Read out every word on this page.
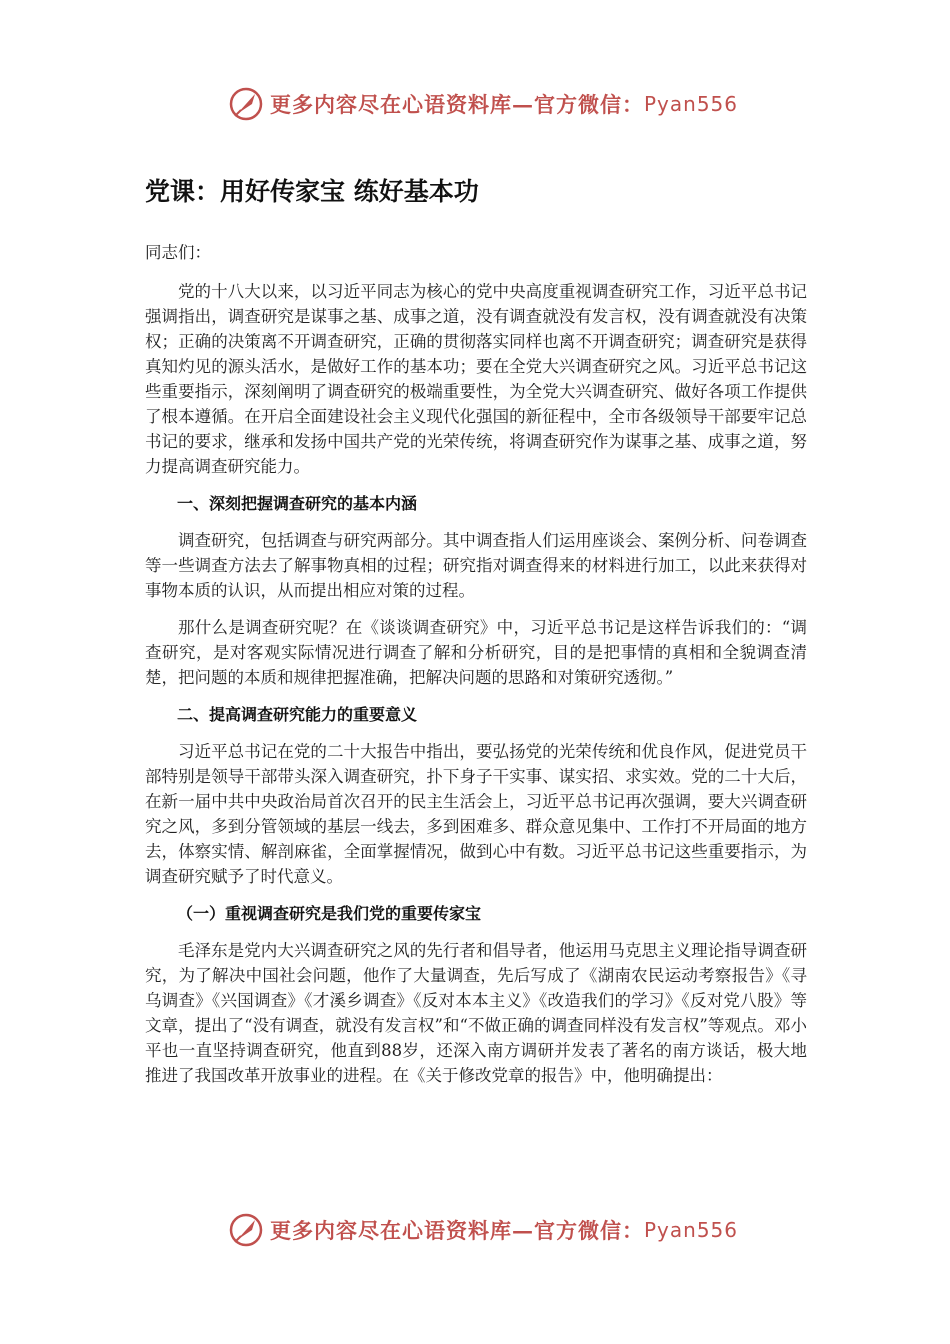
更多内容尽在心语资料库—官方微信： Pyan556
党课：用好传家宝 练好基本功

同志们：

党的十八大以来，以习近平同志为核心的党中央高度重视调查研究工作，习近平总书记强调指出，调查研究是谋事之基、成事之道，没有调查就没有发言权，没有调查就没有决策权；正确的决策离不开调查研究，正确的贯彻落实同样也离不开调查研究；调查研究是获得真知灼见的源头活水，是做好工作的基本功；要在全党大兴调查研究之风。习近平总书记这些重要指示，深刻阐明了调查研究的极端重要性，为全党大兴调查研究、做好各项工作提供了根本遵循。在开启全面建设社会主义现代化强国的新征程中，全市各级领导干部要牢记总书记的要求，继承和发扬中国共产党的光荣传统，将调查研究作为谋事之基、成事之道，努力提高调查研究能力。

一、深刻把握调查研究的基本内涵

调查研究，包括调查与研究两部分。其中调查指人们运用座谈会、案例分析、问卷调查等一些调查方法去了解事物真相的过程；研究指对调查得来的材料进行加工，以此来获得对事物本质的认识，从而提出相应对策的过程。

那什么是调查研究呢？在《谈谈调查研究》中，习近平总书记是这样告诉我们的：“调查研究，是对客观实际情况进行调查了解和分析研究，目的是把事情的真相和全貌调查清楚，把问题的本质和规律把握准确，把解决问题的思路和对策研究透彻。”

二、提高调查研究能力的重要意义

习近平总书记在党的二十大报告中指出，要弘扬党的光荣传统和优良作风，促进党员干部特别是领导干部带头深入调查研究，扑下身子干实事、谋实招、求实效。党的二十大后，在新一届中共中央政治局首次召开的民主生活会上，习近平总书记再次强调，要大兴调查研究之风，多到分管领域的基层一线去，多到困难多、群众意见集中、工作打不开局面的地方去，体察实情、解剖麻雀，全面掌握情况，做到心中有数。习近平总书记这些重要指示，为调查研究赋予了时代意义。

（一）重视调查研究是我们党的重要传家宝

毛泽东是党内大兴调查研究之风的先行者和倡导者，他运用马克思主义理论指导调查研究，为了解决中国社会问题，他作了大量调查，先后写成了《湖南农民运动考察报告》《寻乌调查》《兴国调查》《才溪乡调查》《反对本本主义》《改造我们的学习》《反对党八股》等文章，提出了“没有调查，就没有发言权”和“不做正确的调查同样没有发言权”等观点。邓小平也一直坚持调查研究，他直到88岁，还深入南方调研并发表了著名的南方谈话，极大地推进了我国改革开放事业的进程。在《关于修改党章的报告》中，他明确提出：

更多内容尽在心语资料库—官方微信： Pyan556
